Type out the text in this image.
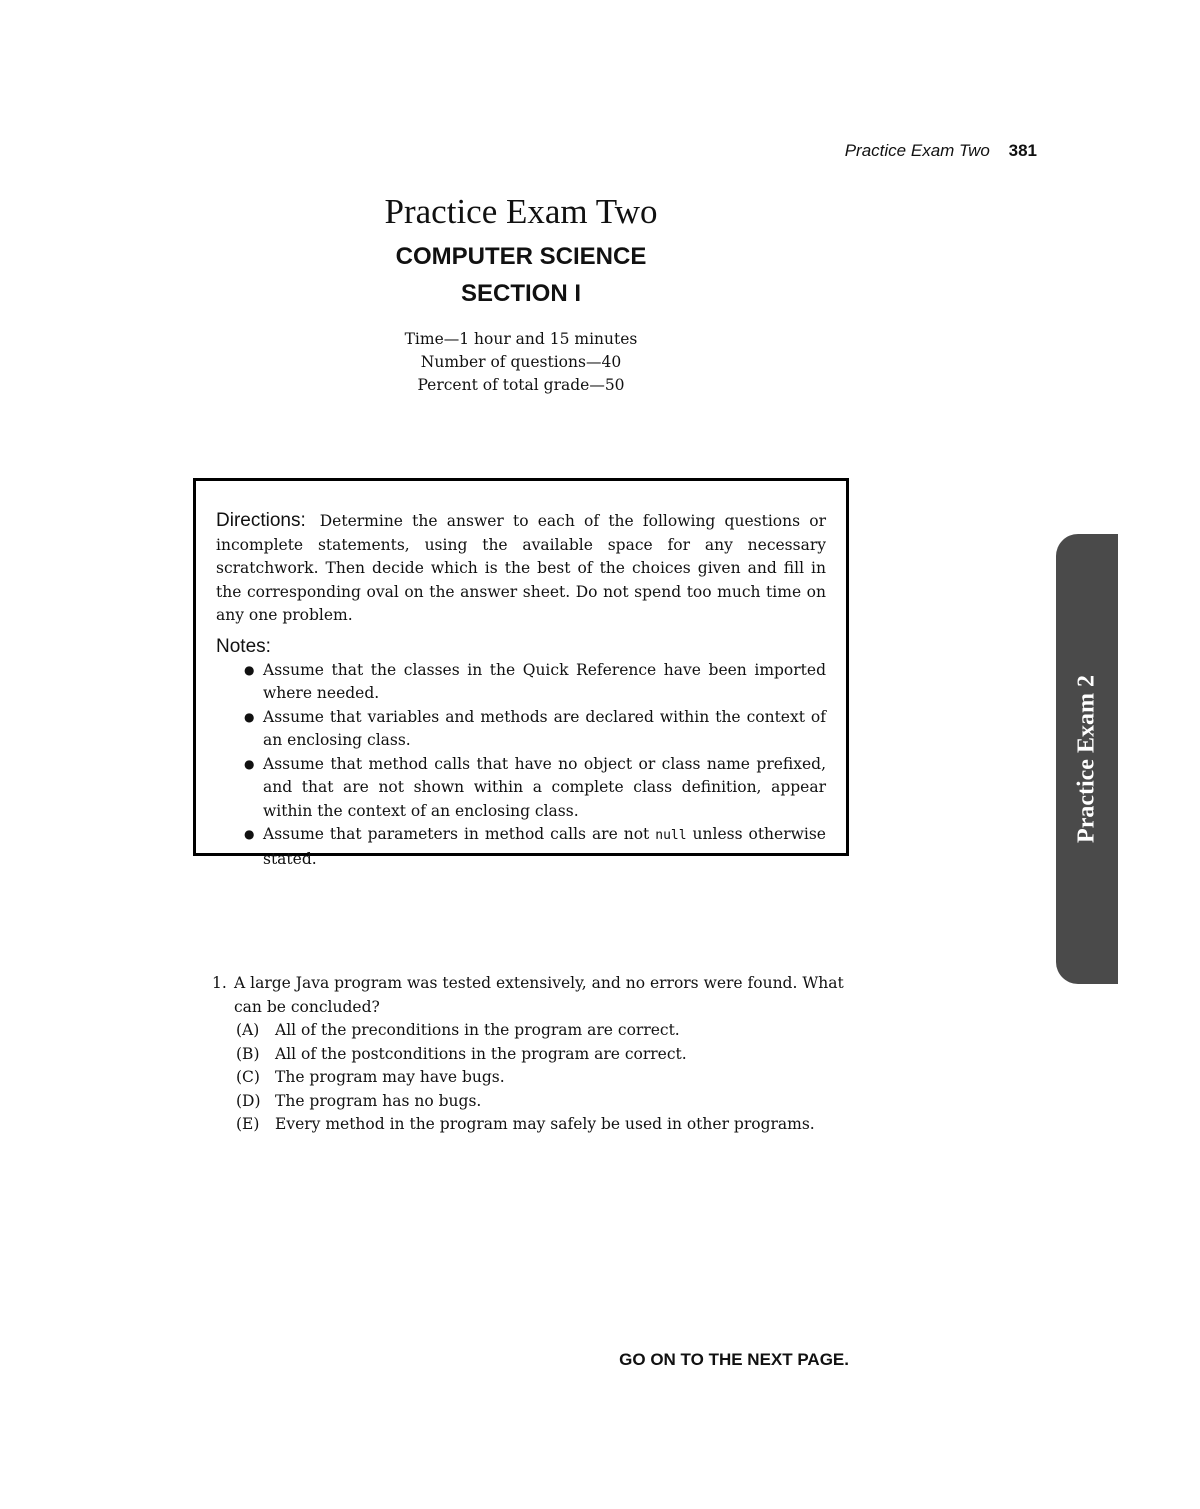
Practice Exam Two 381
Practice Exam Two
COMPUTER SCIENCE
SECTION I
Time—1 hour and 15 minutes
Number of questions—40
Percent of total grade—50

Directions: Determine the answer to each of the following questions or incomplete statements, using the available space for any necessary scratchwork. Then decide which is the best of the choices given and fill in the corresponding oval on the answer sheet. Do not spend too much time on any one problem.

Notes:
● Assume that the classes in the Quick Reference have been imported where needed.
● Assume that variables and methods are declared within the context of an enclosing class.
● Assume that method calls that have no object or class name prefixed, and that are not shown within a complete class definition, appear within the context of an enclosing class.
● Assume that parameters in method calls are not null unless otherwise stated.
Practice Exam 2
1. A large Java program was tested extensively, and no errors were found. What can be concluded?
(A) All of the preconditions in the program are correct.
(B) All of the postconditions in the program are correct.
(C) The program may have bugs.
(D) The program has no bugs.
(E) Every method in the program may safely be used in other programs.
GO ON TO THE NEXT PAGE.
